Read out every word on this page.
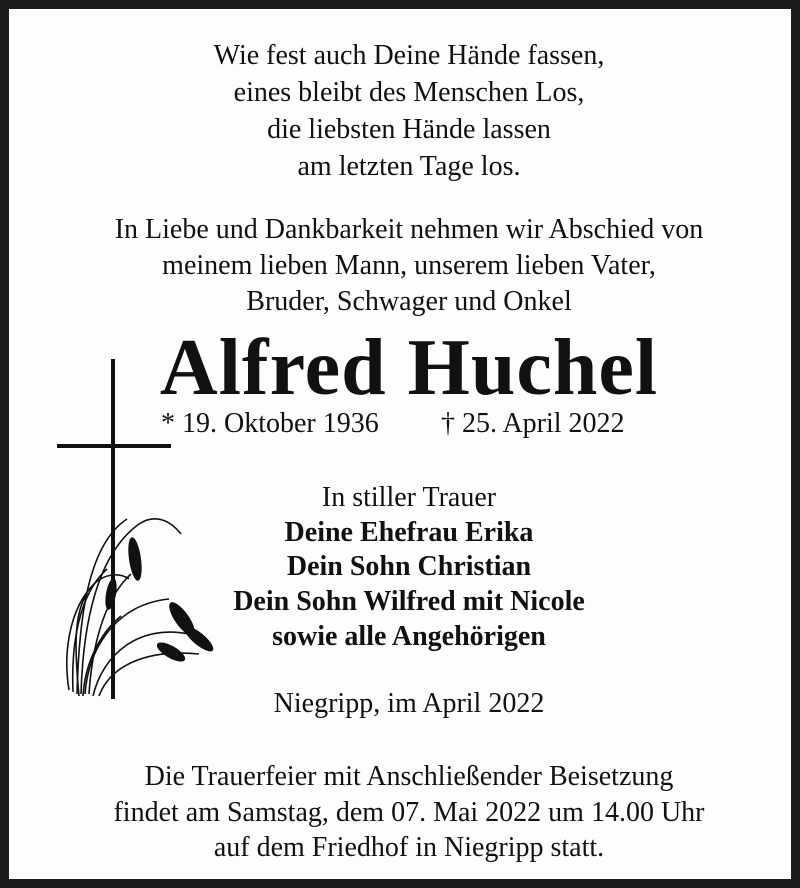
Wie fest auch Deine Hände fassen,
eines bleibt des Menschen Los,
die liebsten Hände lassen
am letzten Tage los.
In Liebe und Dankbarkeit nehmen wir Abschied von
meinem lieben Mann, unserem lieben Vater,
Bruder, Schwager und Onkel
Alfred Huchel
* 19. Oktober 1936 † 25. April 2022
In stiller Trauer
Deine Ehefrau Erika
Dein Sohn Christian
Dein Sohn Wilfred mit Nicole
sowie alle Angehörigen
Niegripp, im April 2022
Die Trauerfeier mit Anschließender Beisetzung
findet am Samstag, dem 07. Mai 2022 um 14.00 Uhr
auf dem Friedhof in Niegripp statt.
